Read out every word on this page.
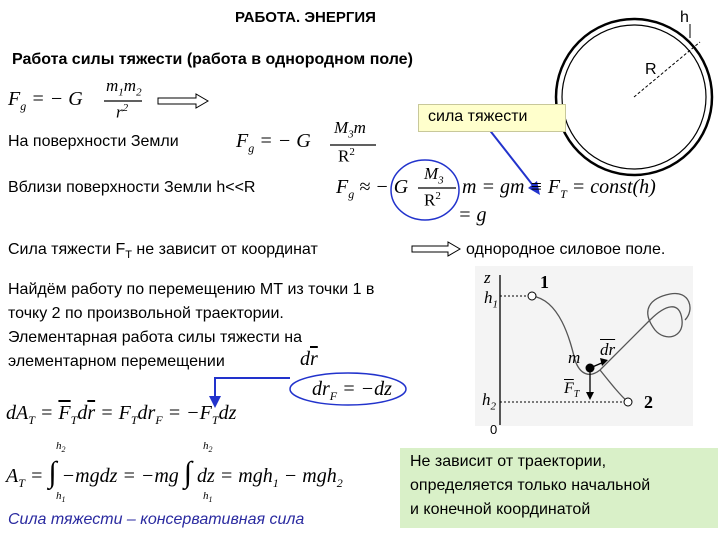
РАБОТА. ЭНЕРГИЯ	h
R
Работа силы тяжести (работа в однородном поле)
$F_g$ = − G
$m_1m_2$
$r^2$	сила тяжести
На поверхности Земли	$F_g$ = − G
$M_3m$
$R^2$
Вблизи поверхности Земли h<<R	$F_g$ ≈ − G
$M_3$
$R^2$ m = gm ≡ $F_T$ = const(h)
= g
Сила тяжести $F_T$ не зависит от координат	однородное силовое поле.
Найдём работу по перемещению МТ из точки 1 в
точку 2 по произвольной траектории.
Элементарная работа силы тяжести на
элементарном перемещении	$d\overline{r}$
$dr_F = -dz$
$dA_T = \overline{F}_Td\overline{r} = F_Tdr_F = -F_Tdz$
$A_T$ = ∫ −mgdz = −mg ∫ dz = mgh$_1$ − mgh$_2$
$h_2$
$h_1$
$h_2$
$h_1$
Сила тяжести – консервативная сила
Не зависит от траектории,
определяется только начальной
и конечной координатой
z
$h_1$
$h_2$
0
1
2
m $\overline{dr}$
$\overline{F}_T$
